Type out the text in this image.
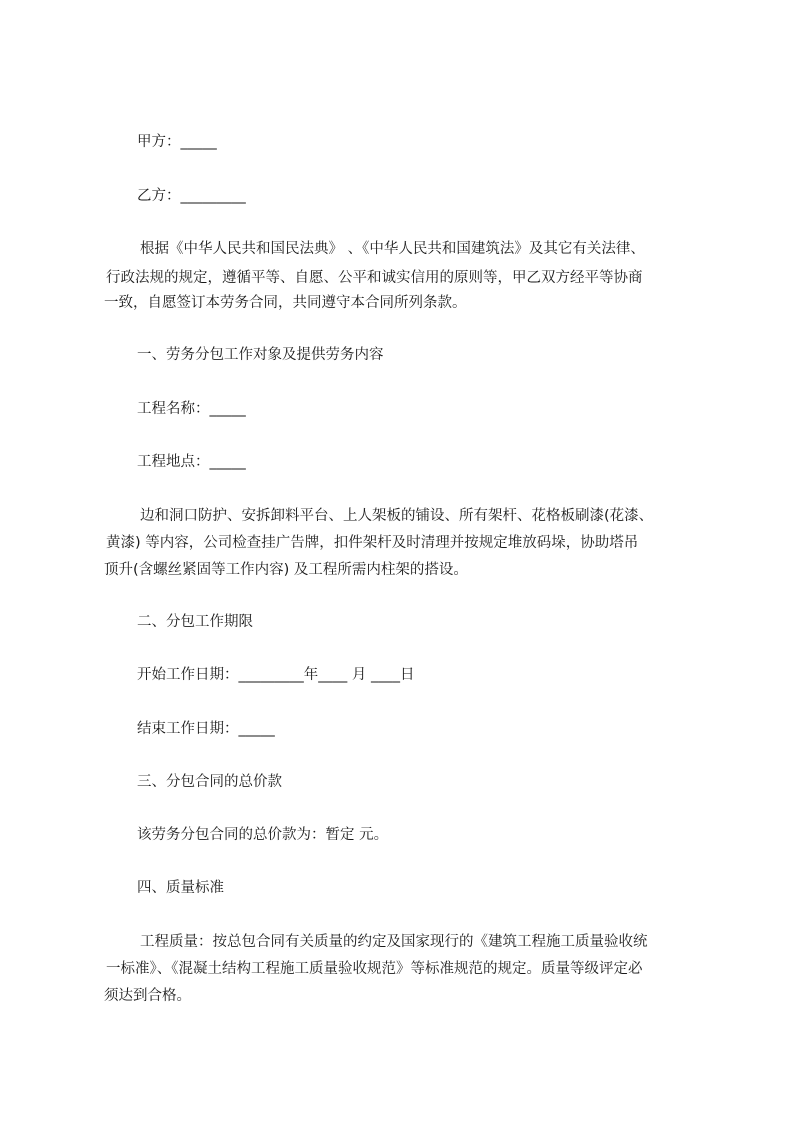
甲方：_____
乙方：_________
根据《中华人民共和国民法典》 、《中华人民共和国建筑法》及其它有关法律、
行政法规的规定，遵循平等、自愿、公平和诚实信用的原则等，甲乙双方经平等协商
一致，自愿签订本劳务合同，共同遵守本合同所列条款。
一、劳务分包工作对象及提供劳务内容
工程名称：_____
工程地点：_____
边和洞口防护、安拆卸料平台、上人架板的铺设、所有架杆、花格板刷漆(花漆、
黄漆) 等内容，公司检查挂广告牌，扣件架杆及时清理并按规定堆放码垛，协助塔吊
顶升(含螺丝紧固等工作内容) 及工程所需内柱架的搭设。
二、分包工作期限
开始工作日期：_________年____ 月 ____日
结束工作日期：_____
三、分包合同的总价款
该劳务分包合同的总价款为：暂定 元。
四、质量标准
工程质量：按总包合同有关质量的约定及国家现行的《建筑工程施工质量验收统
一标准》、《混凝土结构工程施工质量验收规范》等标准规范的规定。质量等级评定必
须达到合格。
